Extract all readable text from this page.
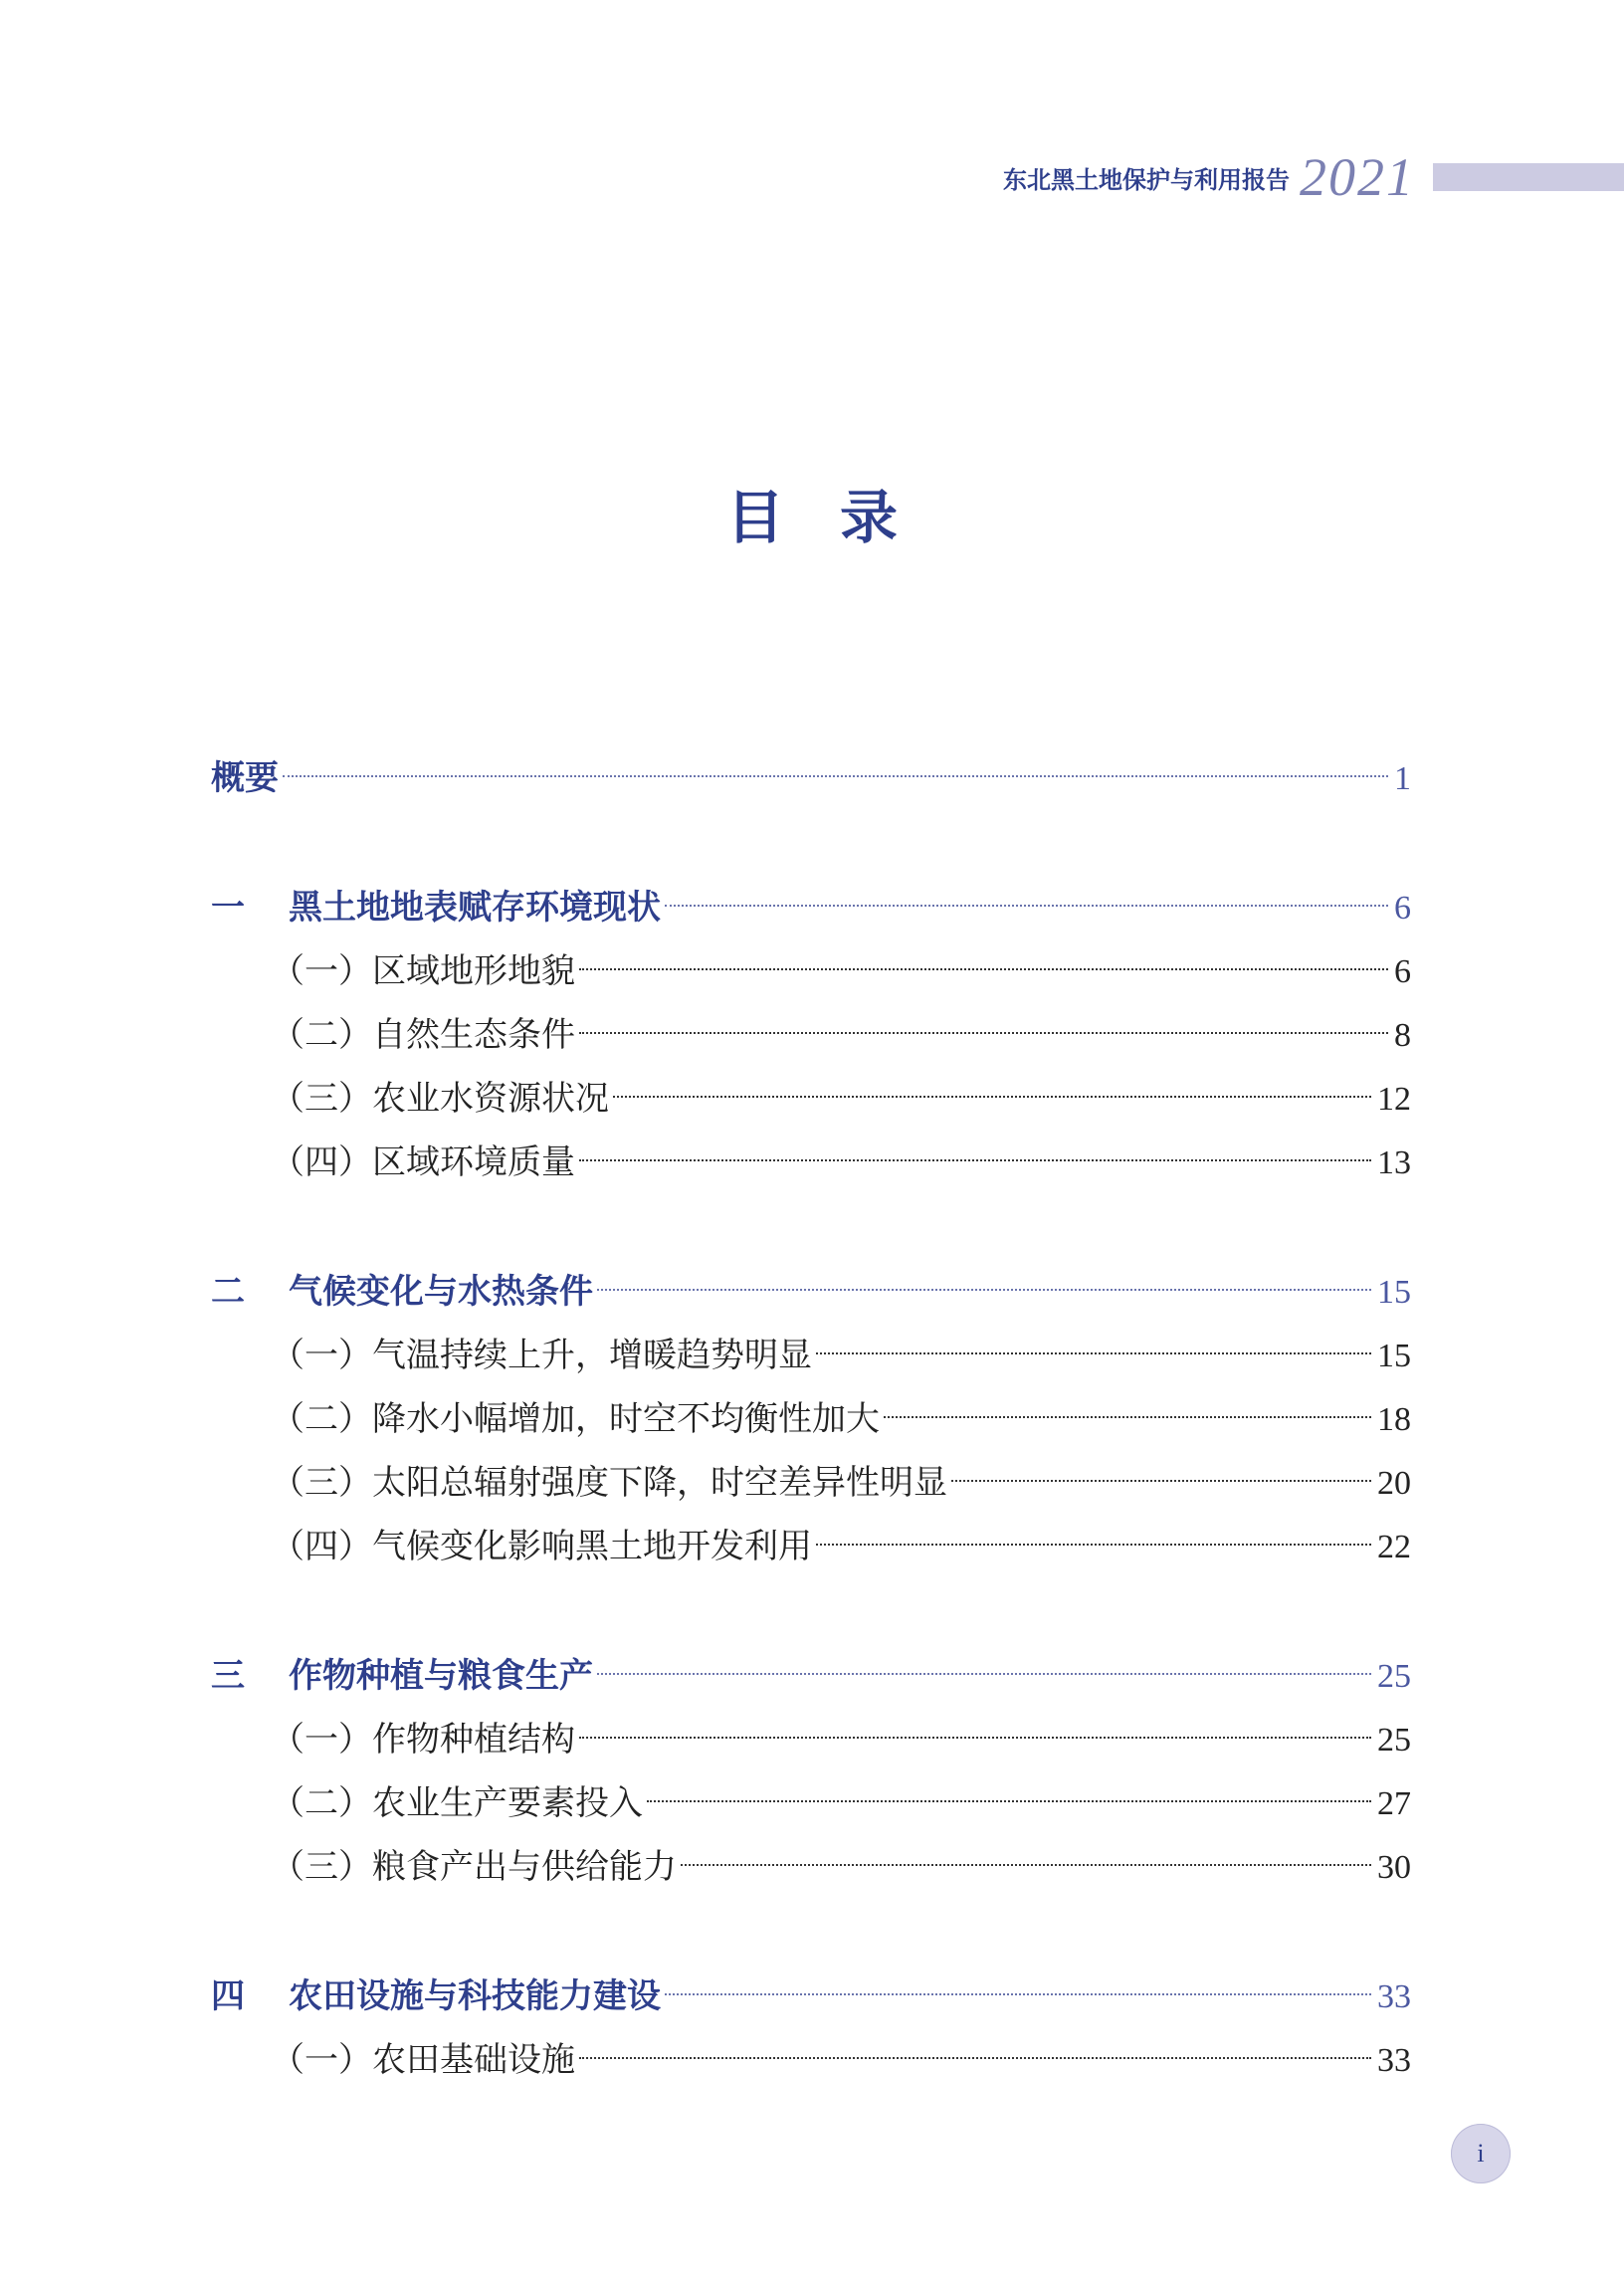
东北黑土地保护与利用报告 2021
目录
概要	1
一	黑土地地表赋存环境现状	6
（一） 区域地形地貌	6
（二） 自然生态条件	8
（三） 农业水资源状况	12
（四） 区域环境质量	13
二	气候变化与水热条件	15
（一） 气温持续上升，增暖趋势明显	15
（二） 降水小幅增加，时空不均衡性加大	18
（三） 太阳总辐射强度下降，时空差异性明显	20
（四） 气候变化影响黑土地开发利用	22
三	作物种植与粮食生产	25
（一） 作物种植结构	25
（二） 农业生产要素投入	27
（三） 粮食产出与供给能力	30
四	农田设施与科技能力建设	33
（一） 农田基础设施	33
i
